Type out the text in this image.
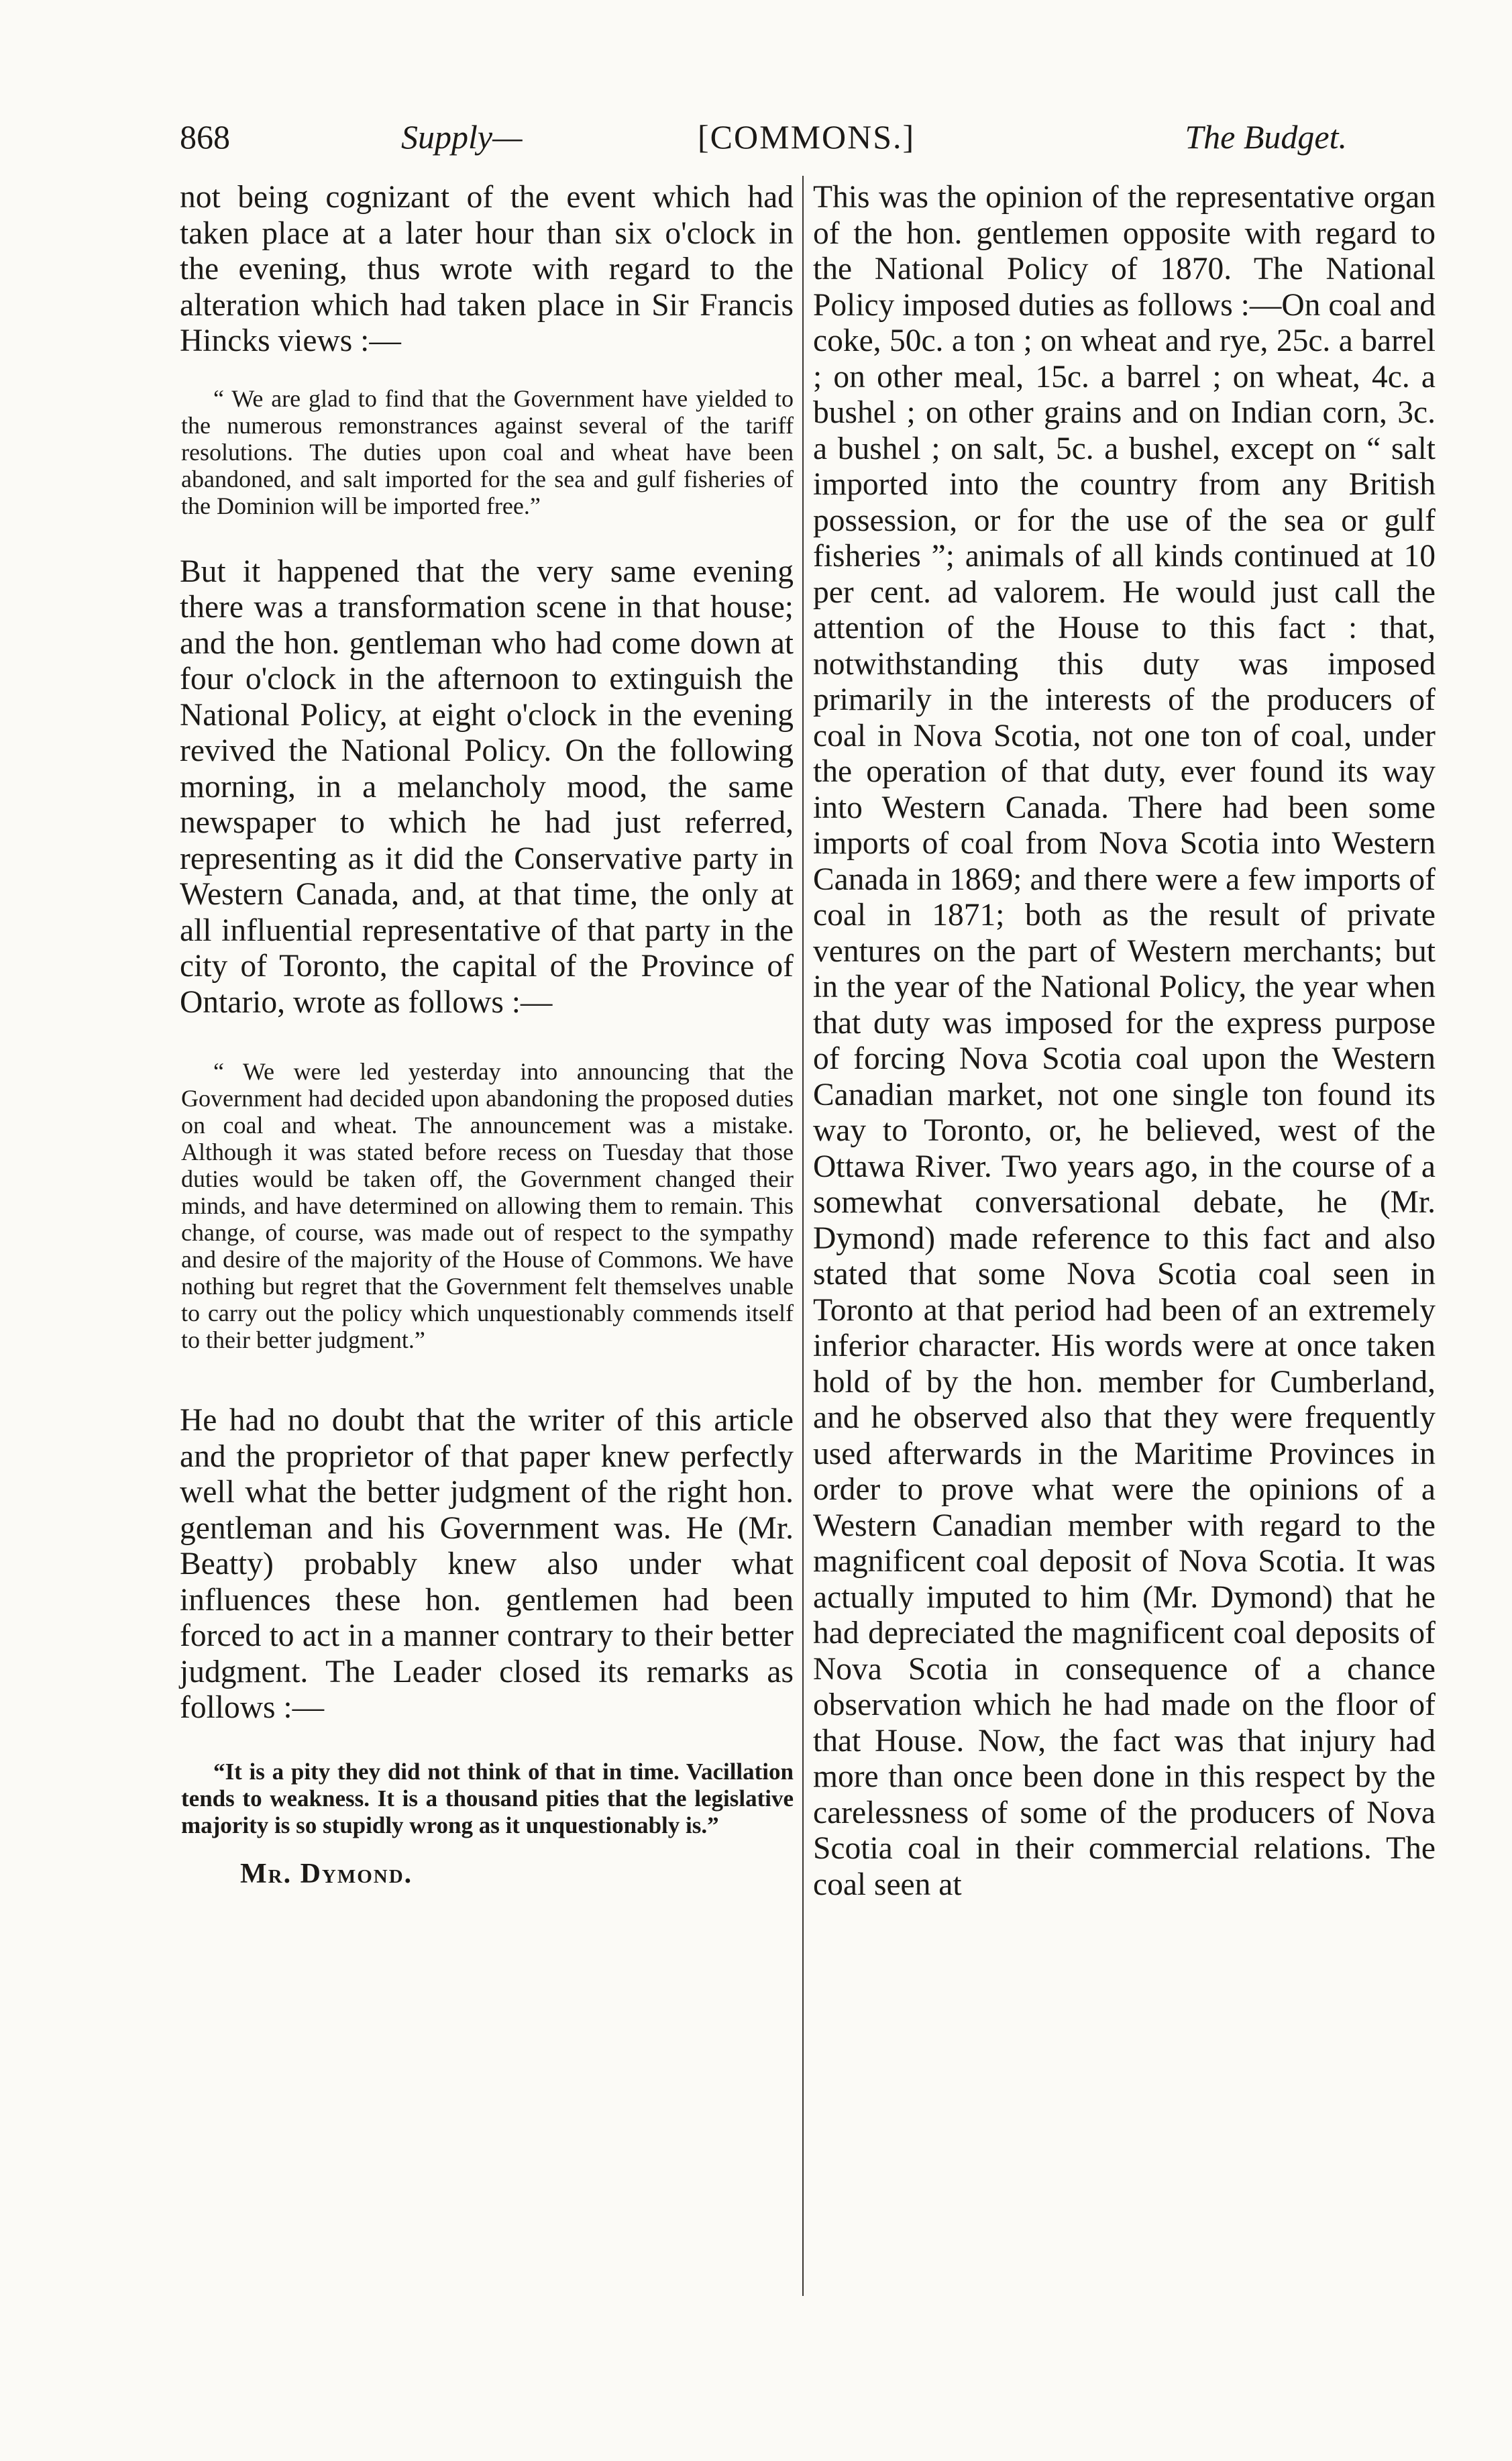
868	Supply—	[COMMONS.]	The Budget.

not being cognizant of the event which had taken place at a later hour than six o'clock in the evening, thus wrote with regard to the alteration which had taken place in Sir Francis Hincks views :—

“ We are glad to find that the Government have yielded to the numerous remonstrances against several of the tariff resolutions. The duties upon coal and wheat have been abandoned, and salt imported for the sea and gulf fisheries of the Dominion will be imported free.”

But it happened that the very same evening there was a transformation scene in that house; and the hon. gentleman who had come down at four o'clock in the afternoon to extinguish the National Policy, at eight o'clock in the evening revived the National Policy. On the following morning, in a melancholy mood, the same newspaper to which he had just referred, representing as it did the Conservative party in Western Canada, and, at that time, the only at all influential representative of that party in the city of Toronto, the capital of the Province of Ontario, wrote as follows :—

“ We were led yesterday into announcing that the Government had decided upon abandoning the proposed duties on coal and wheat. The announcement was a mistake. Although it was stated before recess on Tuesday that those duties would be taken off, the Government changed their minds, and have determined on allowing them to remain. This change, of course, was made out of respect to the sympathy and desire of the majority of the House of Commons. We have nothing but regret that the Government felt themselves unable to carry out the policy which unquestionably commends itself to their better judgment.”

He had no doubt that the writer of this article and the proprietor of that paper knew perfectly well what the better judgment of the right hon. gentleman and his Government was. He (Mr. Beatty) probably knew also under what influences these hon. gentlemen had been forced to act in a manner contrary to their better judgment. The Leader closed its remarks as follows :—

“It is a pity they did not think of that in time. Vacillation tends to weakness. It is a thousand pities that the legislative majority is so stupidly wrong as it unquestionably is.”

Mr. Dymond.

This was the opinion of the representative organ of the hon. gentlemen opposite with regard to the National Policy of 1870. The National Policy imposed duties as follows :—On coal and coke, 50c. a ton ; on wheat and rye, 25c. a barrel ; on other meal, 15c. a barrel ; on wheat, 4c. a bushel ; on other grains and on Indian corn, 3c. a bushel ; on salt, 5c. a bushel, except on “ salt imported into the country from any British possession, or for the use of the sea or gulf fisheries ”; animals of all kinds continued at 10 per cent. ad valorem. He would just call the attention of the House to this fact : that, notwithstanding this duty was imposed primarily in the interests of the producers of coal in Nova Scotia, not one ton of coal, under the operation of that duty, ever found its way into Western Canada. There had been some imports of coal from Nova Scotia into Western Canada in 1869; and there were a few imports of coal in 1871; both as the result of private ventures on the part of Western merchants; but in the year of the National Policy, the year when that duty was imposed for the express purpose of forcing Nova Scotia coal upon the Western Canadian market, not one single ton found its way to Toronto, or, he believed, west of the Ottawa River. Two years ago, in the course of a somewhat conversational debate, he (Mr. Dymond) made reference to this fact and also stated that some Nova Scotia coal seen in Toronto at that period had been of an extremely inferior character. His words were at once taken hold of by the hon. member for Cumberland, and he observed also that they were frequently used afterwards in the Maritime Provinces in order to prove what were the opinions of a Western Canadian member with regard to the magnificent coal deposit of Nova Scotia. It was actually imputed to him (Mr. Dymond) that he had depreciated the magnificent coal deposits of Nova Scotia in consequence of a chance observation which he had made on the floor of that House. Now, the fact was that injury had more than once been done in this respect by the carelessness of some of the producers of Nova Scotia coal in their commercial relations. The coal seen at
